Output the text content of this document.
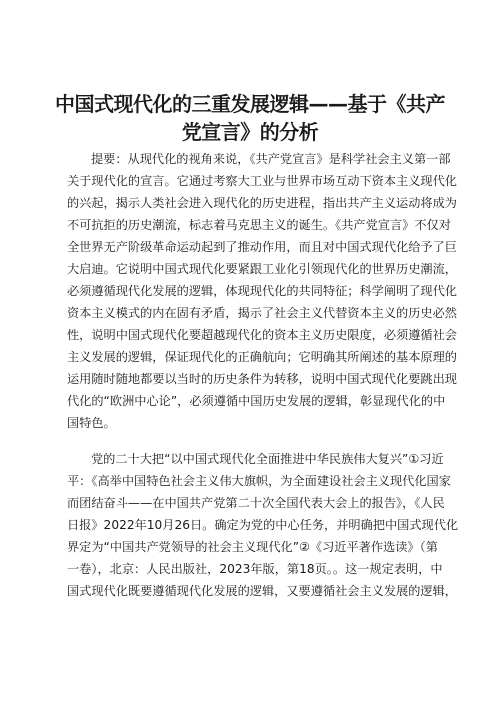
中国式现代化的三重发展逻辑——基于《共产
党宣言》的分析
提要：从现代化的视角来说，《共产党宣言》是科学社会主义第一部
关于现代化的宣言。它通过考察大工业与世界市场互动下资本主义现代化
的兴起，揭示人类社会进入现代化的历史进程，指出共产主义运动将成为
不可抗拒的历史潮流，标志着马克思主义的诞生。《共产党宣言》不仅对
全世界无产阶级革命运动起到了推动作用，而且对中国式现代化给予了巨
大启迪。它说明中国式现代化要紧跟工业化引领现代化的世界历史潮流，
必须遵循现代化发展的逻辑，体现现代化的共同特征；科学阐明了现代化
资本主义模式的内在固有矛盾，揭示了社会主义代替资本主义的历史必然
性，说明中国式现代化要超越现代化的资本主义历史限度，必须遵循社会
主义发展的逻辑，保证现代化的正确航向；它明确其所阐述的基本原理的
运用随时随地都要以当时的历史条件为转移，说明中国式现代化要跳出现
代化的“欧洲中心论”，必须遵循中国历史发展的逻辑，彰显现代化的中
国特色。
党的二十大把“以中国式现代化全面推进中华民族伟大复兴”①习近
平：《高举中国特色社会主义伟大旗帜，为全面建设社会主义现代化国家
而团结奋斗——在中国共产党第二十次全国代表大会上的报告》，《人民
日报》2022年10月26日。确定为党的中心任务，并明确把中国式现代化
界定为“中国共产党领导的社会主义现代化”②《习近平著作选读》（第
一卷），北京：人民出版社，2023年版，第18页。。这一规定表明，中
国式现代化既要遵循现代化发展的逻辑，又要遵循社会主义发展的逻辑，
